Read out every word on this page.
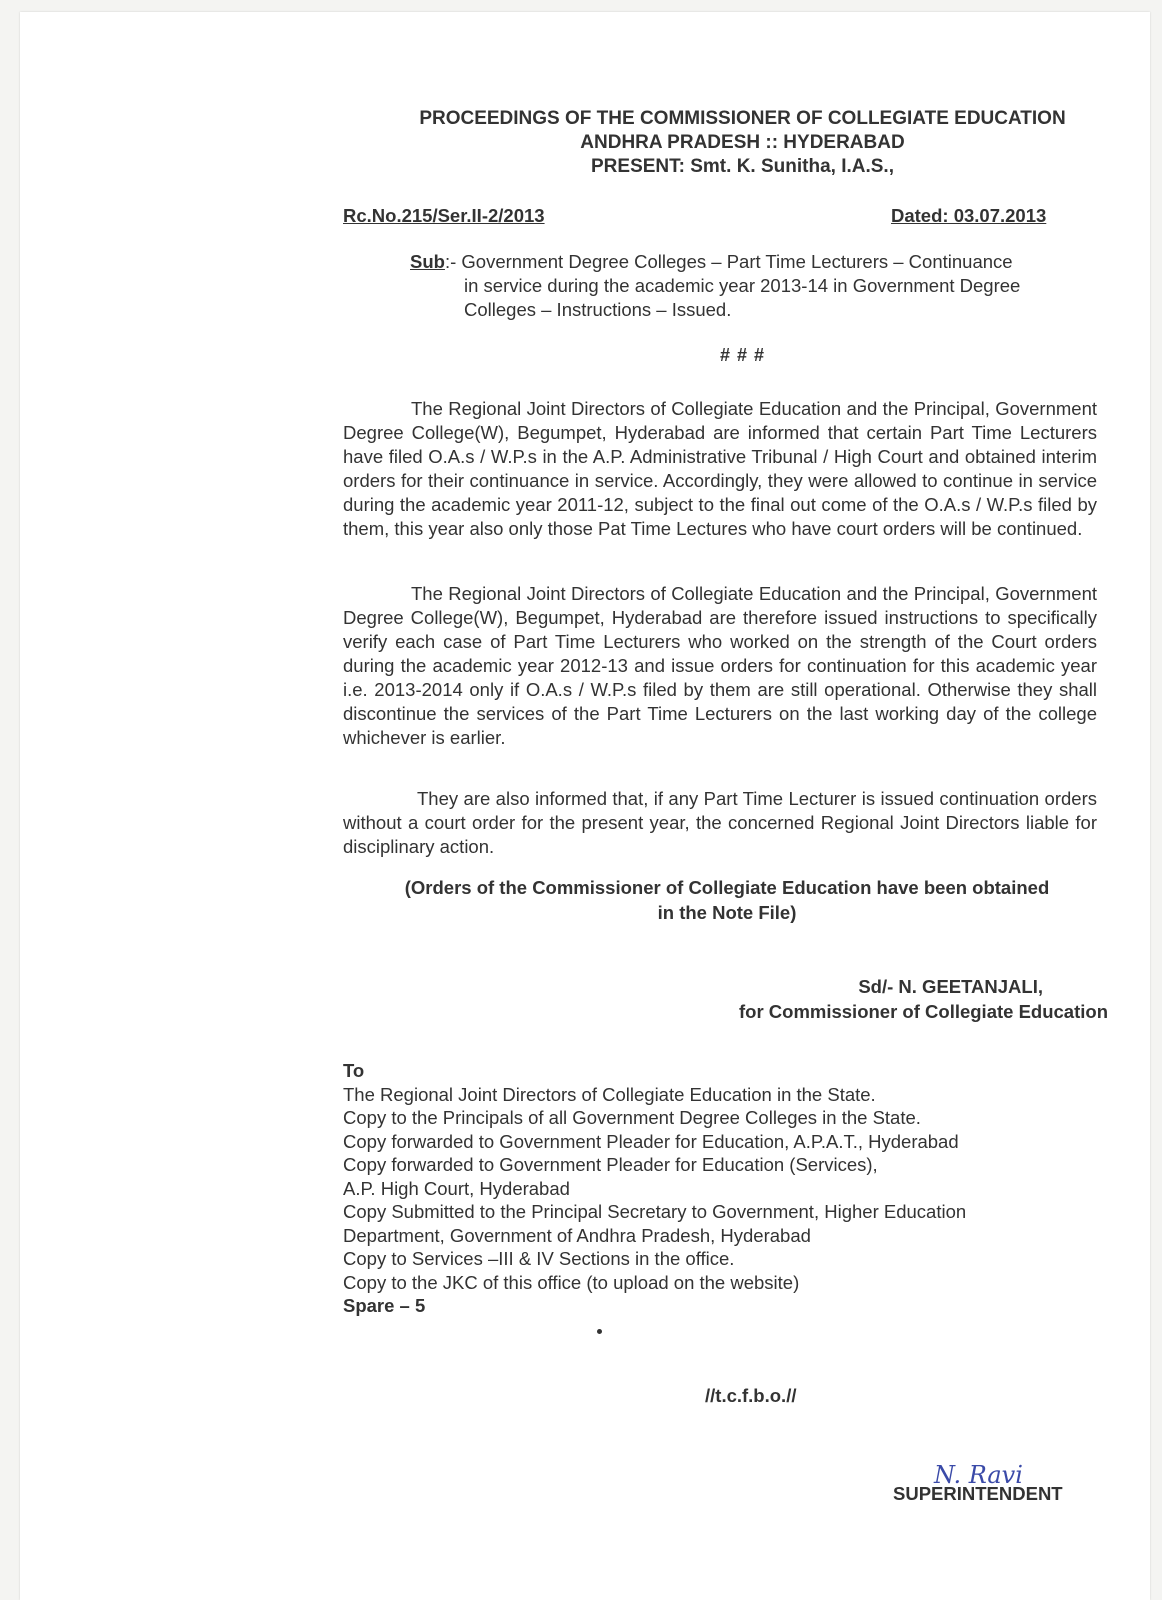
PROCEEDINGS OF THE COMMISSIONER OF COLLEGIATE EDUCATION
ANDHRA PRADESH :: HYDERABAD
PRESENT: Smt. K. Sunitha, I.A.S.,
Rc.No.215/Ser.II-2/2013	Dated: 03.07.2013
Sub:- Government Degree Colleges – Part Time Lecturers – Continuance
in service during the academic year 2013-14 in Government Degree
Colleges – Instructions – Issued.
# # #
The Regional Joint Directors of Collegiate Education and the Principal, Government Degree College(W), Begumpet, Hyderabad are informed that certain Part Time Lecturers have filed O.A.s / W.P.s in the A.P. Administrative Tribunal / High Court and obtained interim orders for their continuance in service. Accordingly, they were allowed to continue in service during the academic year 2011-12, subject to the final out come of the O.A.s / W.P.s filed by them, this year also only those Pat Time Lectures who have court orders will be continued.
The Regional Joint Directors of Collegiate Education and the Principal, Government Degree College(W), Begumpet, Hyderabad are therefore issued instructions to specifically verify each case of Part Time Lecturers who worked on the strength of the Court orders during the academic year 2012-13 and issue orders for continuation for this academic year i.e. 2013-2014 only if O.A.s / W.P.s filed by them are still operational. Otherwise they shall discontinue the services of the Part Time Lecturers on the last working day of the college whichever is earlier.
They are also informed that, if any Part Time Lecturer is issued continuation orders without a court order for the present year, the concerned Regional Joint Directors liable for disciplinary action.
(Orders of the Commissioner of Collegiate Education have been obtained
in the Note File)
Sd/- N. GEETANJALI,
for Commissioner of Collegiate Education
To
The Regional Joint Directors of Collegiate Education in the State.
Copy to the Principals of all Government Degree Colleges in the State.
Copy forwarded to Government Pleader for Education, A.P.A.T., Hyderabad
Copy forwarded to Government Pleader for Education (Services),
A.P. High Court, Hyderabad
Copy Submitted to the Principal Secretary to Government, Higher Education
Department, Government of Andhra Pradesh, Hyderabad
Copy to Services –III & IV Sections in the office.
Copy to the JKC of this office (to upload on the website)
Spare – 5
//t.c.f.b.o.//
N. Ravi
SUPERINTENDENT
